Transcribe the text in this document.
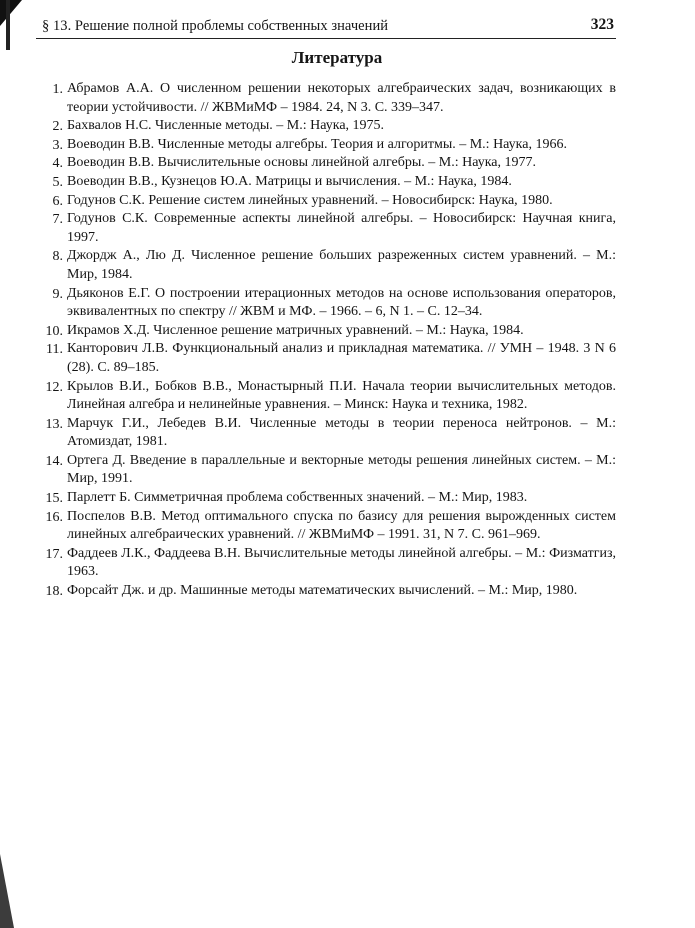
§ 13. Решение полной проблемы собственных значений	323
Литература
1. Абрамов А.А. О численном решении некоторых алгебраических задач, возникающих в теории устойчивости. // ЖВМиМФ – 1984. 24, N 3. С. 339–347.
2. Бахвалов Н.С. Численные методы. – М.: Наука, 1975.
3. Воеводин В.В. Численные методы алгебры. Теория и алгоритмы. – М.: Наука, 1966.
4. Воеводин В.В. Вычислительные основы линейной алгебры. – М.: Наука, 1977.
5. Воеводин В.В., Кузнецов Ю.А. Матрицы и вычисления. – М.: Наука, 1984.
6. Годунов С.К. Решение систем линейных уравнений. – Новосибирск: Наука, 1980.
7. Годунов С.К. Современные аспекты линейной алгебры. – Новосибирск: Научная книга, 1997.
8. Джордж А., Лю Д. Численное решение больших разреженных систем уравнений. – М.: Мир, 1984.
9. Дьяконов Е.Г. О построении итерационных методов на основе использования операторов, эквивалентных по спектру // ЖВМ и МФ. – 1966. – 6, N 1. – С. 12–34.
10. Икрамов Х.Д. Численное решение матричных уравнений. – М.: Наука, 1984.
11. Канторович Л.В. Функциональный анализ и прикладная математика. // УМН – 1948. 3 N 6 (28). С. 89–185.
12. Крылов В.И., Бобков В.В., Монастырный П.И. Начала теории вычислительных методов. Линейная алгебра и нелинейные уравнения. – Минск: Наука и техника, 1982.
13. Марчук Г.И., Лебедев В.И. Численные методы в теории переноса нейтронов. – М.: Атомиздат, 1981.
14. Ортега Д. Введение в параллельные и векторные методы решения линейных систем. – М.: Мир, 1991.
15. Парлетт Б. Симметричная проблема собственных значений. – М.: Мир, 1983.
16. Поспелов В.В. Метод оптимального спуска по базису для решения вырожденных систем линейных алгебраических уравнений. // ЖВМиМФ – 1991. 31, N 7. С. 961–969.
17. Фаддеев Л.К., Фаддеева В.Н. Вычислительные методы линейной алгебры. – М.: Физматгиз, 1963.
18. Форсайт Дж. и др. Машинные методы математических вычислений. – М.: Мир, 1980.
